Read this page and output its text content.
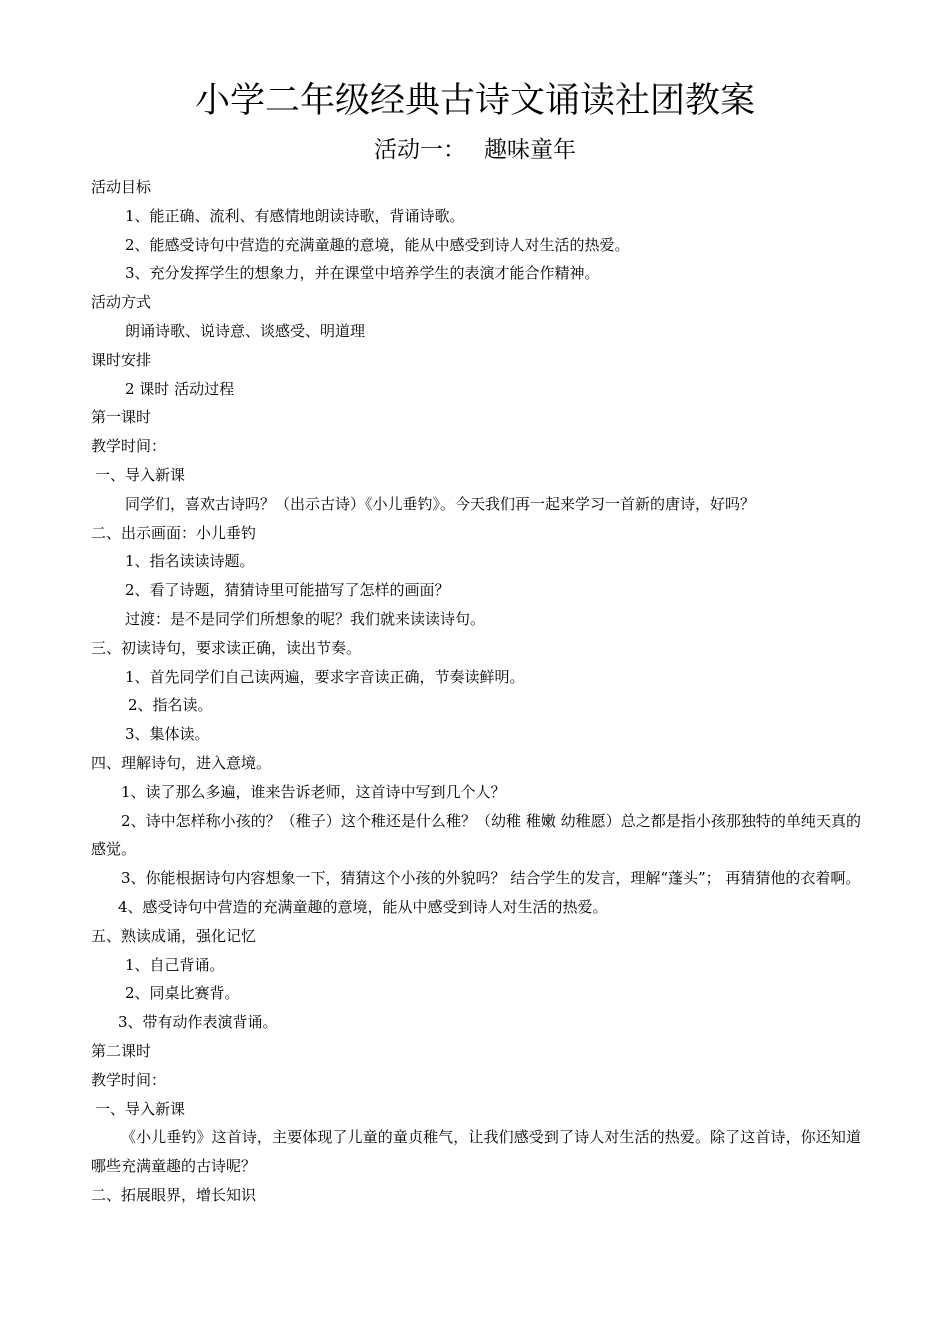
小学二年级经典古诗文诵读社团教案
活动一： 趣味童年
活动目标
1、能正确、流利、有感情地朗读诗歌，背诵诗歌。
2、能感受诗句中营造的充满童趣的意境，能从中感受到诗人对生活的热爱。
3、充分发挥学生的想象力，并在课堂中培养学生的表演才能合作精神。
活动方式
朗诵诗歌、说诗意、谈感受、明道理
课时安排
2 课时 活动过程
第一课时
教学时间：
一、导入新课
同学们，喜欢古诗吗？（出示古诗）《小儿垂钓》。今天我们再一起来学习一首新的唐诗，好吗？
二、出示画面：小儿垂钓
1、指名读读诗题。
2、看了诗题，猜猜诗里可能描写了怎样的画面？
过渡：是不是同学们所想象的呢？我们就来读读诗句。
三、初读诗句，要求读正确，读出节奏。
1、首先同学们自己读两遍，要求字音读正确，节奏读鲜明。
2、指名读。
3、集体读。
四、理解诗句，进入意境。
1、读了那么多遍，谁来告诉老师，这首诗中写到几个人？
2、诗中怎样称小孩的？（稚子）这个稚还是什么稚？（幼稚 稚嫩 幼稚愿）总之都是指小孩那独特的单纯天真的感觉。
3、你能根据诗句内容想象一下，猜猜这个小孩的外貌吗？ 结合学生的发言，理解“蓬头”； 再猜猜他的衣着啊。
4、感受诗句中营造的充满童趣的意境，能从中感受到诗人对生活的热爱。
五、熟读成诵，强化记忆
1、自己背诵。
2、同桌比赛背。
3、带有动作表演背诵。
第二课时
教学时间：
一、导入新课
《小儿垂钓》这首诗，主要体现了儿童的童贞稚气，让我们感受到了诗人对生活的热爱。除了这首诗，你还知道哪些充满童趣的古诗呢？
二、拓展眼界，增长知识
